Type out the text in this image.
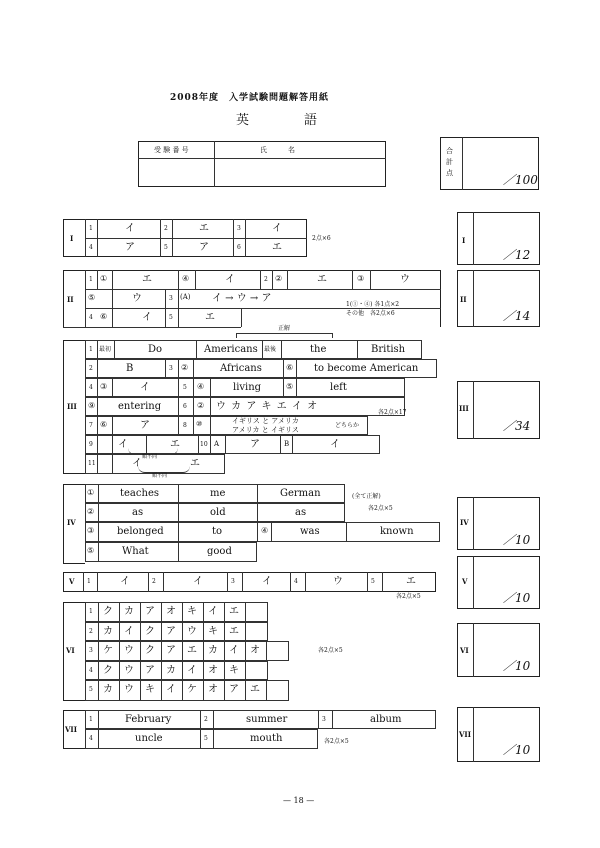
2008年度　入学試験問題解答用紙
英　　　語
受 験 番 号	氏　　　名	合計点	／100
I
1	イ	2	エ	3	イ
4	ア	5	ア	6	エ
2点×6	I
／12
II
1 ①	エ	④	イ	2 ②	エ	③	ウ
⑤	ウ	3 (A) イ → ウ → ア
1(①・④) 各1点×2
その他　各2点×6
4 ⑥	イ	5	エ
II
／14
正解
III
1 最初	Do	Americans 最後	the	British
2	B	3 ②	Africans	⑥ to become American
4 ③	イ	5 ④	living	⑤	left
⑨ entering	6 ② ウ カ ア キ エ イ オ
7 ⑥	ア	8 ⑩	イギリス と アメリカ
アメリカ と イギリス
どちらか
各2点×17
9	イ	エ	10 A	ア	B	イ
順不同
11	イ	エ
順不同
III
／34
IV
①	teaches	me	German
②	as	old	as
③ belonged	to	④	was	known
⑤	What	good
(全て正解)
各2点×5
IV
／10
V 1	イ	2	イ	3	イ	4	ウ	5	エ
各2点×5
V
／10
VI
1 ク カ ア オ キ イ エ
2 カ イ ク ア ウ キ エ
3 ケ ウ ク ア エ カ イ オ
4 ク ウ ア カ イ オ キ
5 カ ウ キ イ ケ オ ア エ
各2点×5	VI
／10
VII
1	February	2	summer	3	album
4	uncle	5	mouth	各2点×5
VII
／10
— 18 —
